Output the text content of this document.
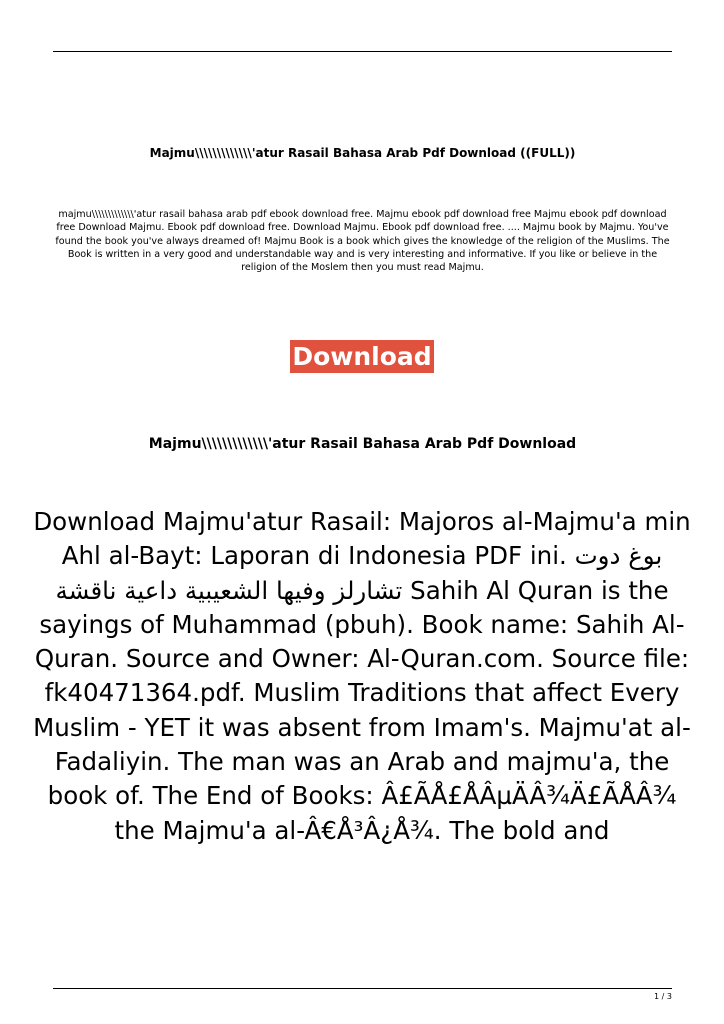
Majmu\\\\\\\\\\\\\'atur Rasail Bahasa Arab Pdf Download ((FULL))
majmu\\\\\\\\\\\\\'atur rasail bahasa arab pdf ebook download free. Majmu ebook pdf download free Majmu ebook pdf download free Download Majmu. Ebook pdf download free. Download Majmu. Ebook pdf download free. .... Majmu book by Majmu. You've found the book you've always dreamed of! Majmu Book is a book which gives the knowledge of the religion of the Muslims. The Book is written in a very good and understandable way and is very interesting and informative. If you like or believe in the religion of the Moslem then you must read Majmu.
Download
Majmu\\\\\\\\\\\\\'atur Rasail Bahasa Arab Pdf Download
Download Majmu'atur Rasail: Majoros al-Majmu'a min Ahl al-Bayt: Laporan di Indonesia PDF ini. بوغ دوت تشارلز وفيها الشعيبية داعية ناقشة Sahih Al Quran is the sayings of Muhammad (pbuh). Book name: Sahih Al-Quran. Source and Owner: Al-Quran.com. Source file: fk40471364.pdf. Muslim Traditions that affect Every Muslim - YET it was absent from Imam's. Majmu'at al-Fadaliyin. The man was an Arab and majmu'a, the book of. The End of Books: Â£ÃÅ£ÅÂµÄÂ¾Ä£ÃÅÂ¾ the Majmu'a al-Â€Å³Â¿Å¾. The bold and
1 / 3
